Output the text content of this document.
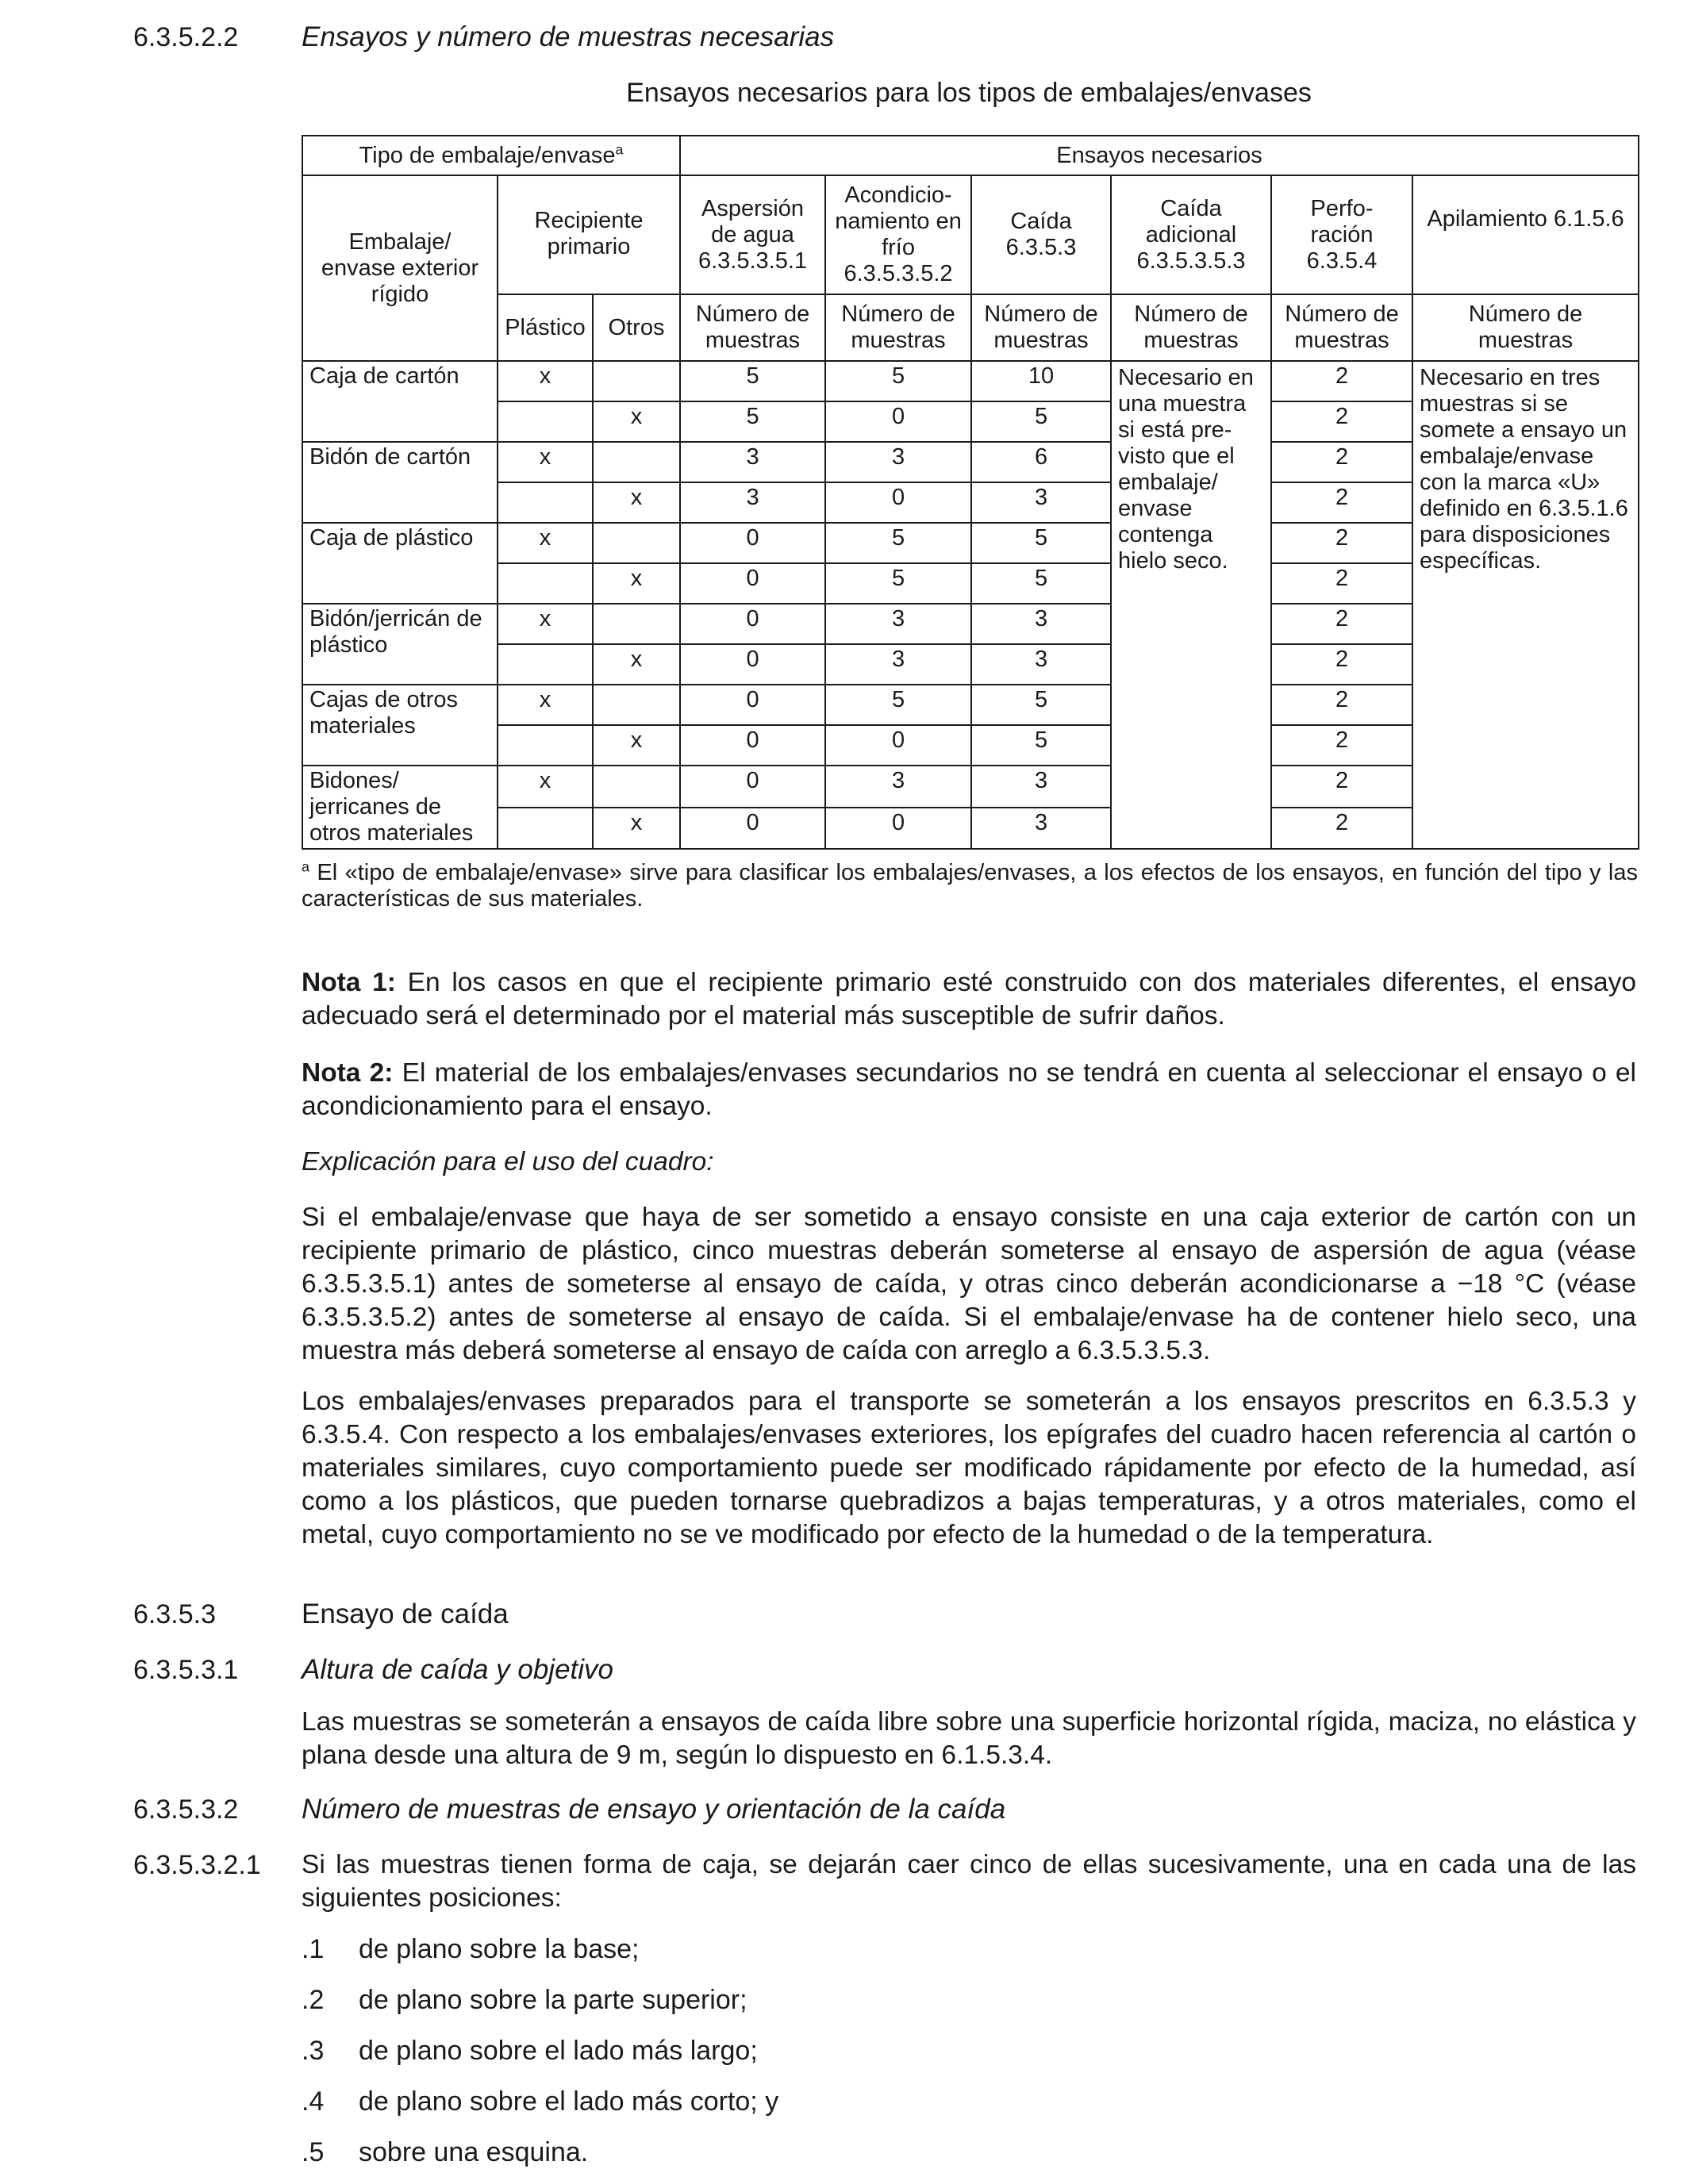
6.3.5.2.2 Ensayos y número de muestras necesarias
Ensayos necesarios para los tipos de embalajes/envases
Tipo de embalaje/envase$^a$			Ensayos necesarios					
Embalaje/ envase exterior rígido	Recipiente primario		Aspersión de agua 6.3.5.3.5.1	Acondicio- namiento en frío 6.3.5.3.5.2	Caída 6.3.5.3	Caída adicional 6.3.5.3.5.3	Perfo- ración 6.3.5.4	Apilamiento 6.1.5.6
	Plástico	Otros	Número de muestras	Número de muestras	Número de muestras	Número de muestras	Número de muestras	Número de muestras
Caja de cartón	x		5	5	10	Necesario en una muestra si está pre- visto que el embalaje/ envase contenga hielo seco.	2	Necesario en tres muestras si se somete a ensayo un embalaje/envase con la marca «U» definido en 6.3.5.1.6 para disposiciones específicas.
		x	5	0	5		2	
Bidón de cartón	x		3	3	6		2	
		x	3	0	3		2	
Caja de plástico	x		0	5	5		2	
		x	0	5	5		2	
Bidón/jerricán de plástico	x		0	3	3		2	
		x	0	3	3		2	
Cajas de otros materiales	x		0	5	5		2	
		x	0	0	5		2	
Bidones/ jerricanes de otros materiales	x		0	3	3		2	
		x	0	0	3		2	
$^a$ El «tipo de embalaje/envase» sirve para clasificar los embalajes/envases, a los efectos de los ensayos, en función del tipo y las características de sus materiales.
Nota 1: En los casos en que el recipiente primario esté construido con dos materiales diferentes, el ensayo adecuado será el determinado por el material más susceptible de sufrir daños.
Nota 2: El material de los embalajes/envases secundarios no se tendrá en cuenta al seleccionar el ensayo o el acondicionamiento para el ensayo.
Explicación para el uso del cuadro:
Si el embalaje/envase que haya de ser sometido a ensayo consiste en una caja exterior de cartón con un recipiente primario de plástico, cinco muestras deberán someterse al ensayo de aspersión de agua (véase 6.3.5.3.5.1) antes de someterse al ensayo de caída, y otras cinco deberán acondicionarse a −18 °C (véase 6.3.5.3.5.2) antes de someterse al ensayo de caída. Si el embalaje/envase ha de contener hielo seco, una muestra más deberá someterse al ensayo de caída con arreglo a 6.3.5.3.5.3.
Los embalajes/envases preparados para el transporte se someterán a los ensayos prescritos en 6.3.5.3 y 6.3.5.4. Con respecto a los embalajes/envases exteriores, los epígrafes del cuadro hacen referencia al cartón o materiales similares, cuyo comportamiento puede ser modificado rápidamente por efecto de la humedad, así como a los plásticos, que pueden tornarse quebradizos a bajas temperaturas, y a otros materiales, como el metal, cuyo comportamiento no se ve modificado por efecto de la humedad o de la temperatura.
6.3.5.3	Ensayo de caída
6.3.5.3.1 Altura de caída y objetivo
Las muestras se someterán a ensayos de caída libre sobre una superficie horizontal rígida, maciza, no elástica y plana desde una altura de 9 m, según lo dispuesto en 6.1.5.3.4.
6.3.5.3.2 Número de muestras de ensayo y orientación de la caída
6.3.5.3.2.1 Si las muestras tienen forma de caja, se dejarán caer cinco de ellas sucesivamente, una en cada una de las siguientes posiciones:
.1 de plano sobre la base;
.2 de plano sobre la parte superior;
.3 de plano sobre el lado más largo;
.4 de plano sobre el lado más corto; y
.5 sobre una esquina.
